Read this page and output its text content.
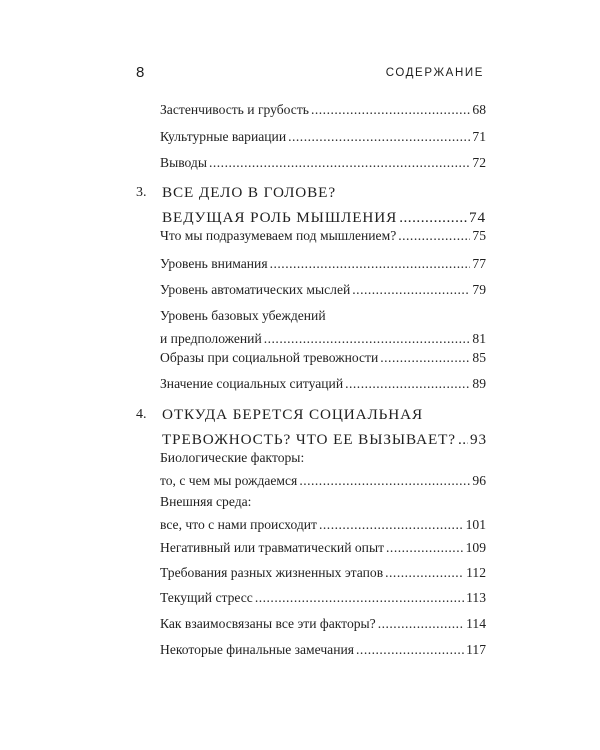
8	СОДЕРЖАНИЕ
Застенчивость и грубость .....	68
Культурные вариации .....	71
Выводы .....	72
3. ВСЕ ДЕЛО В ГОЛОВЕ?
ВЕДУЩАЯ РОЛЬ МЫШЛЕНИЯ .....	74
Что мы подразумеваем под мышлением? .....	75
Уровень внимания .....	77
Уровень автоматических мыслей .....	79
Уровень базовых убеждений
и предположений .....	81
Образы при социальной тревожности .....	85
Значение социальных ситуаций .....	89
4. ОТКУДА БЕРЕТСЯ СОЦИАЛЬНАЯ
ТРЕВОЖНОСТЬ? ЧТО ЕЕ ВЫЗЫВАЕТ? ..... 93
Биологические факторы:
то, с чем мы рождаемся .....	96
Внешняя среда:
все, что с нами происходит .....	101
Негативный или травматический опыт .....	109
Требования разных жизненных этапов .....	112
Текущий стресс .....	113
Как взаимосвязаны все эти факторы? .....	114
Некоторые финальные замечания .....	117
